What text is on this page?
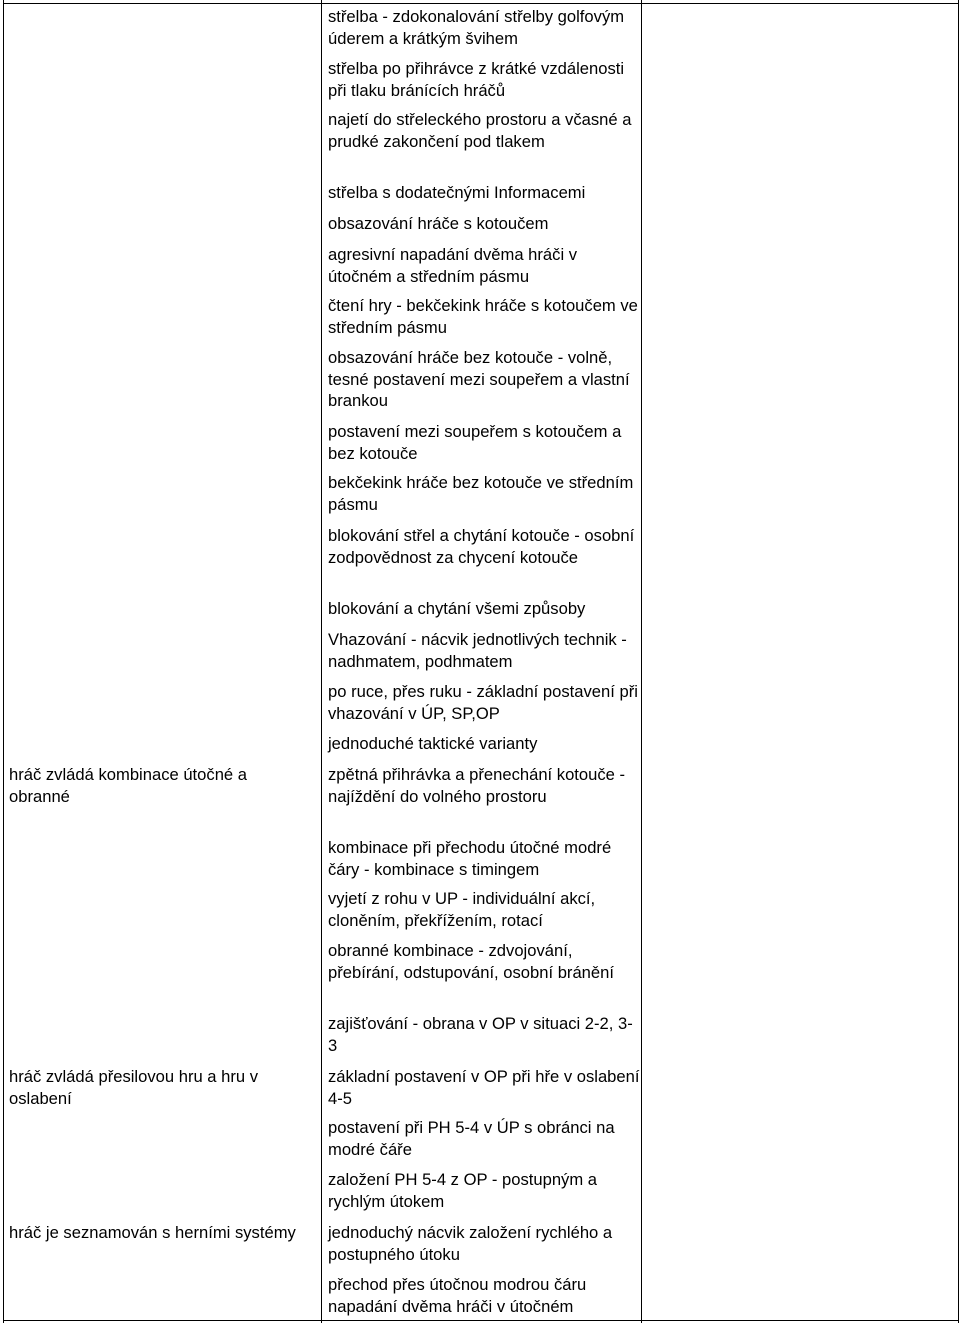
hráč zvládá kombinace útočné a obranné
hráč zvládá přesilovou hru a hru v oslabení
hráč je seznamován s herními systémy
střelba - zdokonalování střelby golfovým úderem a krátkým švihem
střelba po přihrávce z krátké vzdálenosti při tlaku bránících hráčů
najetí do střeleckého prostoru a včasné a prudké zakončení pod tlakem
střelba s dodatečnými Informacemi
obsazování hráče s kotoučem
agresivní napadání dvěma hráči v útočném a středním pásmu
čtení hry - bekčekink hráče s kotoučem ve středním pásmu
obsazování hráče bez kotouče - volně, tesné postavení mezi soupeřem a vlastní brankou
postavení mezi soupeřem s kotoučem a bez kotouče
bekčekink hráče bez kotouče ve středním pásmu
blokování střel a chytání kotouče - osobní zodpovědnost za chycení kotouče
blokování a chytání všemi způsoby
Vhazování - nácvik jednotlivých technik - nadhmatem, podhmatem
po ruce, přes ruku - základní postavení při vhazování v ÚP, SP,OP
jednoduché taktické varianty
zpětná přihrávka a přenechání kotouče - najíždění do volného prostoru
kombinace při přechodu útočné modré čáry - kombinace s timingem
vyjetí z rohu v UP - individuální akcí, cloněním, překřížením, rotací
obranné kombinace - zdvojování, přebírání, odstupování, osobní bránění
zajišťování - obrana v OP v situaci 2-2, 3-3
základní postavení v OP při hře v oslabení 4-5
postavení při PH 5-4 v ÚP s obránci na modré čáře
založení PH 5-4 z OP - postupným a rychlým útokem
jednoduchý nácvik založení rychlého a postupného útoku
přechod přes útočnou modrou čáru napadání dvěma hráči v útočném
